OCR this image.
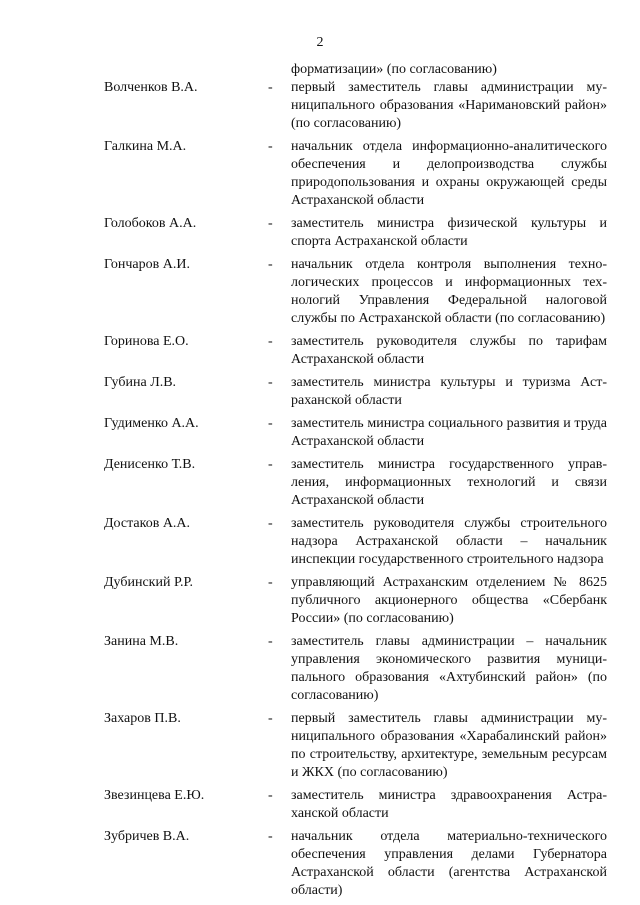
2
форматизации» (по согласованию)
Волченков В.А.	- первый заместитель главы администрации муниципального образования «Наримановский район» (по согласованию)
Галкина М.А.	- начальник отдела информационно-аналитического обеспечения и делопроизводства службы природопользования и охраны окружающей среды Астраханской области
Голобоков А.А.	- заместитель министра физической культуры и спорта Астраханской области
Гончаров А.И.	- начальник отдела контроля выполнения технологических процессов и информационных технологий Управления Федеральной налоговой службы по Астраханской области (по согласованию)
Горинова Е.О.	- заместитель руководителя службы по тарифам Астраханской области
Губина Л.В.	- заместитель министра культуры и туризма Астраханской области
Гудименко А.А.	- заместитель министра социального развития и труда Астраханской области
Денисенко Т.В.	- заместитель министра государственного управления, информационных технологий и связи Астраханской области
Достаков А.А.	- заместитель руководителя службы строительного надзора Астраханской области – начальник инспекции государственного строительного надзора
Дубинский Р.Р.	- управляющий Астраханским отделением № 8625 публичного акционерного общества «Сбербанк России» (по согласованию)
Занина М.В.	- заместитель главы администрации – начальник управления экономического развития муниципального образования «Ахтубинский район» (по согласованию)
Захаров П.В.	- первый заместитель главы администрации муниципального образования «Харабалинский район» по строительству, архитектуре, земельным ресурсам и ЖКХ (по согласованию)
Звезинцева Е.Ю.	- заместитель министра здравоохранения Астраханской области
Зубричев В.А.	- начальник отдела материально-технического обеспечения управления делами Губернатора Астраханской области (агентства Астраханской области)
